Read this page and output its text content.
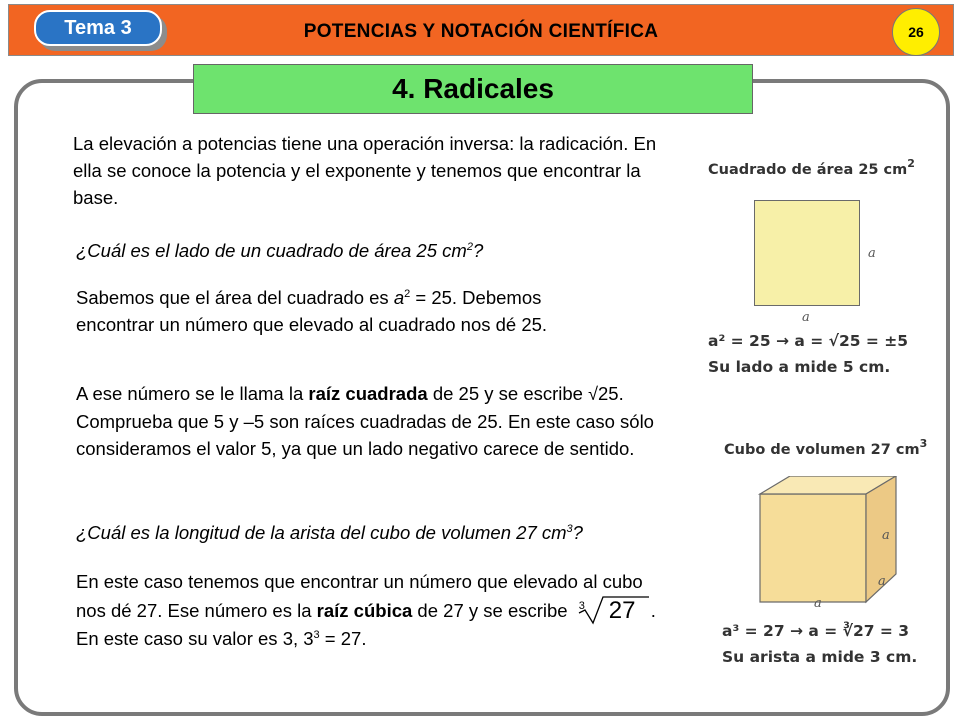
POTENCIAS Y NOTACIÓN CIENTÍFICA
Tema 3	26
4. Radicales
La elevación a potencias tiene una operación inversa: la radicación. En ella se conoce la potencia y el exponente y tenemos que encontrar la base.
¿Cuál es el lado de un cuadrado de área 25 $cm^2$?
Sabemos que el área del cuadrado es $a^2 = 25$. Debemos encontrar un número que elevado al cuadrado nos dé 25.
A ese número se le llama la raíz cuadrada de 25 y se escribe √25. Comprueba que 5 y –5 son raíces cuadradas de 25. En este caso sólo consideramos el valor 5, ya que un lado negativo carece de sentido.
¿Cuál es la longitud de la arista del cubo de volumen 27 $cm^3$?
En este caso tenemos que encontrar un número que elevado al cubo nos dé 27. Ese número es la raíz cúbica de 27 y se escribe 3 27 . En este caso su valor es 3, $3^3 = 27$.
Cuadrado de área 25 $cm^2$
a
a
a² = 25 → a = √25 = ±5
Su lado a mide 5 cm.
Cubo de volumen 27 $cm^3$
a
a
a
a³ = 27 → a = ∛27 = 3
Su arista a mide 3 cm.
